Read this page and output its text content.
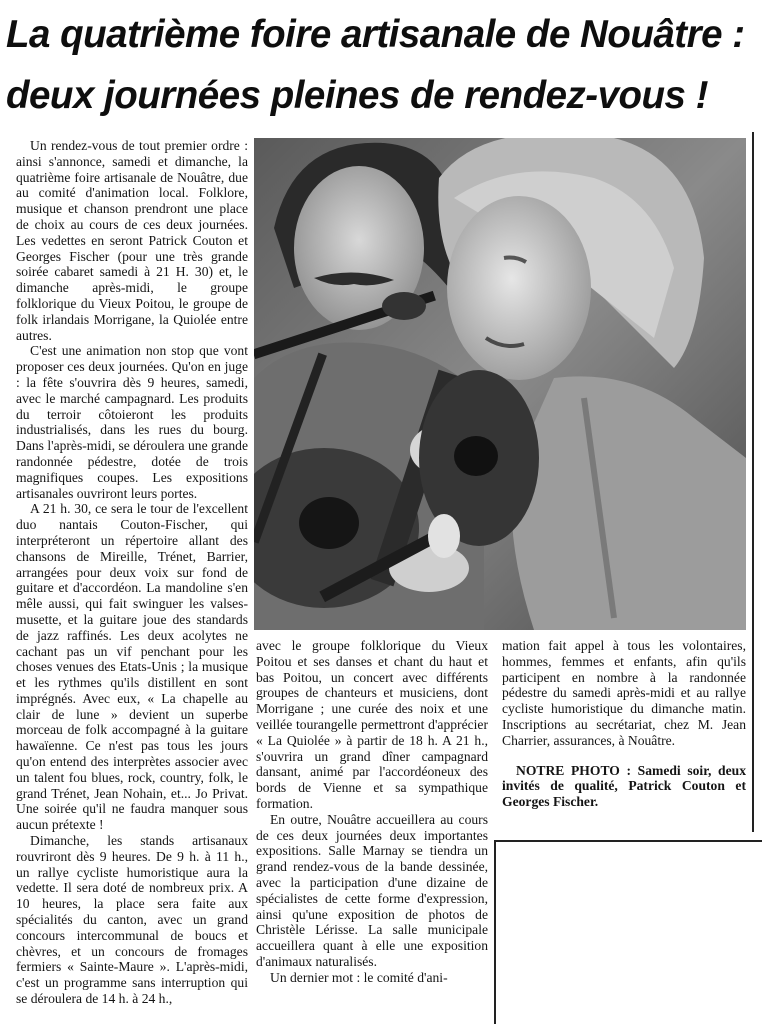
La quatrième foire artisanale de Nouâtre :
deux journées pleines de rendez-vous !

Un rendez-vous de tout premier ordre : ainsi s'annonce, samedi et dimanche, la quatrième foire artisanale de Nouâtre, due au comité d'animation local. Folklore, musique et chanson prendront une place de choix au cours de ces deux journées. Les vedettes en seront Patrick Couton et Georges Fischer (pour une très grande soirée cabaret samedi à 21 H. 30) et, le dimanche après-midi, le groupe folklorique du Vieux Poitou, le groupe de folk irlandais Morrigane, la Quiolée entre autres.

C'est une animation non stop que vont proposer ces deux journées. Qu'on en juge : la fête s'ouvrira dès 9 heures, samedi, avec le marché campagnard. Les produits du terroir côtoieront les produits industrialisés, dans les rues du bourg. Dans l'après-midi, se déroulera une grande randonnée pédestre, dotée de trois magnifiques coupes. Les expositions artisanales ouvriront leurs portes.

A 21 h. 30, ce sera le tour de l'excellent duo nantais Couton-Fischer, qui interpréteront un répertoire allant des chansons de Mireille, Trénet, Barrier, arrangées pour deux voix sur fond de guitare et d'accordéon. La mandoline s'en mêle aussi, qui fait swinguer les valses-musette, et la guitare joue des standards de jazz raffinés. Les deux acolytes ne cachant pas un vif penchant pour les choses venues des Etats-Unis ; la musique et les rythmes qu'ils distillent en sont imprégnés. Avec eux, « La chapelle au clair de lune » devient un superbe morceau de folk accompagné à la guitare hawaïenne. Ce n'est pas tous les jours qu'on entend des interprètes associer avec un talent fou blues, rock, country, folk, le grand Trénet, Jean Nohain, et... Jo Privat. Une soirée qu'il ne faudra manquer sous aucun prétexte !

Dimanche, les stands artisanaux rouvriront dès 9 heures. De 9 h. à 11 h., un rallye cycliste humoristique aura la vedette. Il sera doté de nombreux prix. A 10 heures, la place sera faite aux spécialités du canton, avec un grand concours intercommunal de boucs et chèvres, et un concours de fromages fermiers « Sainte-Maure ». L'après-midi, c'est un programme sans interruption qui se déroulera de 14 h. à 24 h.,

avec le groupe folklorique du Vieux Poitou et ses danses et chant du haut et bas Poitou, un concert avec différents groupes de chanteurs et musiciens, dont Morrigane ; une curée des noix et une veillée tourangelle permettront d'apprécier « La Quiolée » à partir de 18 h. A 21 h., s'ouvrira un grand dîner campagnard dansant, animé par l'accordéoneux des bords de Vienne et sa sympathique formation.

En outre, Nouâtre accueillera au cours de ces deux journées deux importantes expositions. Salle Marnay se tiendra un grand rendez-vous de la bande dessinée, avec la participation d'une dizaine de spécialistes de cette forme d'expression, ainsi qu'une exposition de photos de Christèle Lérisse. La salle municipale accueillera quant à elle une exposition d'animaux naturalisés.

Un dernier mot : le comité d'ani-

mation fait appel à tous les volontaires, hommes, femmes et enfants, afin qu'ils participent en nombre à la randonnée pédestre du samedi après-midi et au rallye cycliste humoristique du dimanche matin. Inscriptions au secrétariat, chez M. Jean Charrier, assurances, à Nouâtre.

NOTRE PHOTO : Samedi soir, deux invités de qualité, Patrick Couton et Georges Fischer.
